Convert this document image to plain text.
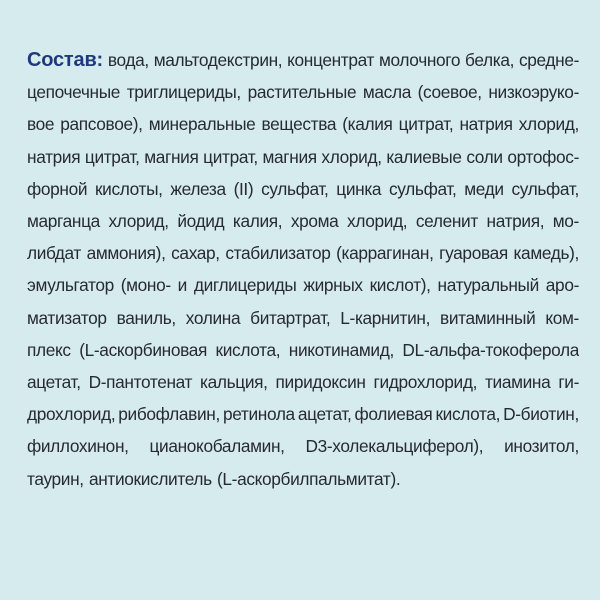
Состав: вода, мальтодекстрин, концентрат молочного белка, средне-
цепочечные триглицериды, растительные масла (соевое, низкоэруко-
вое рапсовое), минеральные вещества (калия цитрат, натрия хлорид,
натрия цитрат, магния цитрат, магния хлорид, калиевые соли ортофос-
форной кислоты, железа (II) сульфат, цинка сульфат, меди сульфат,
марганца хлорид, йодид калия, хрома хлорид, селенит натрия, мо-
либдат аммония), сахар, стабилизатор (каррагинан, гуаровая камедь),
эмульгатор (моно- и диглицериды жирных кислот), натуральный аро-
матизатор ваниль, холина битартрат, L-карнитин, витаминный ком-
плекс (L-аскорбиновая кислота, никотинамид, DL-альфа-токоферола
ацетат, D-пантотенат кальция, пиридоксин гидрохлорид, тиамина ги-
дрохлорид, рибофлавин, ретинола ацетат, фолиевая кислота, D-биотин,
филлохинон, цианокобаламин, D3-холекальциферол), инозитол,
таурин, антиокислитель (L-аскорбилпальмитат).
